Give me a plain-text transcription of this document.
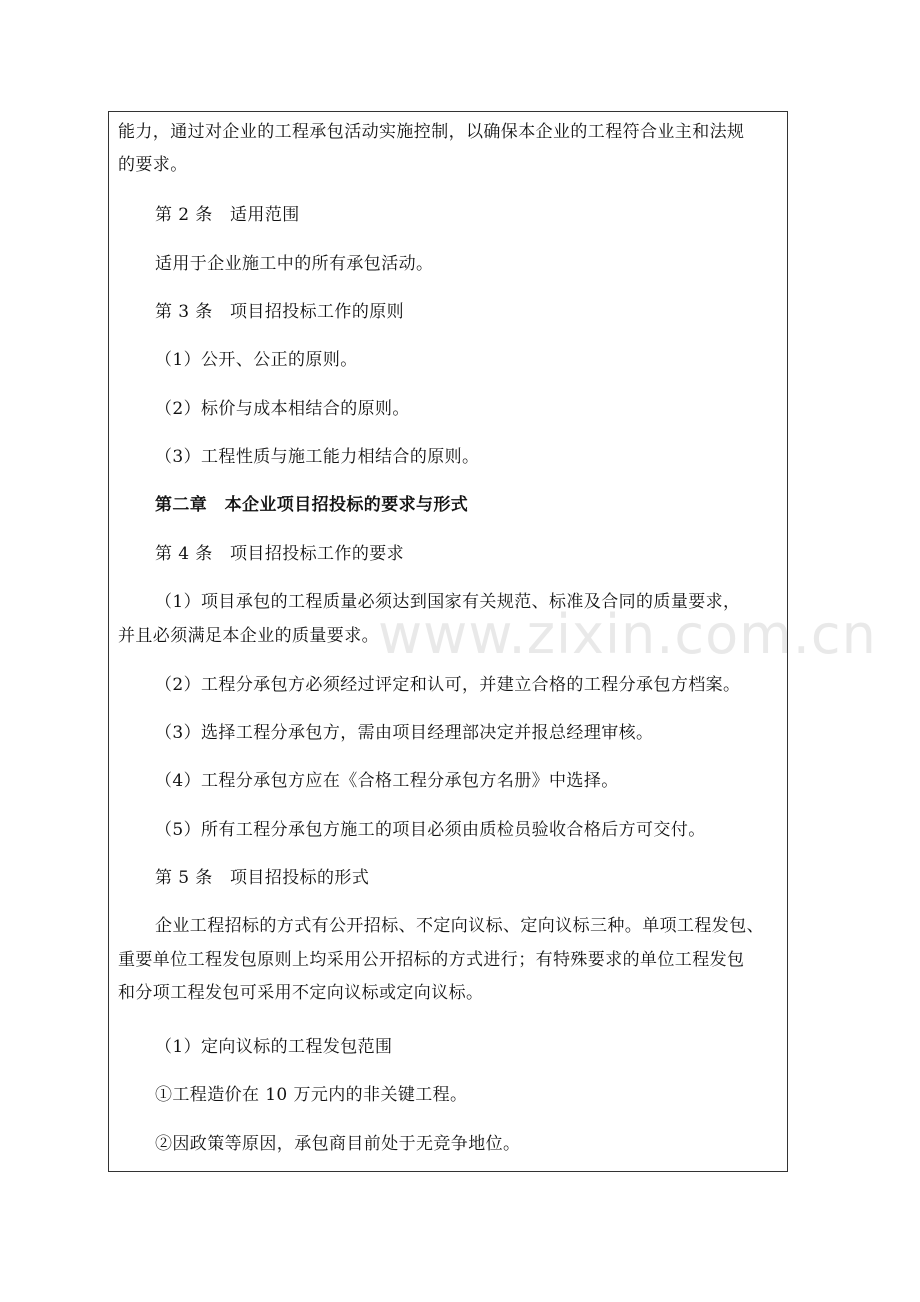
能力，通过对企业的工程承包活动实施控制，以确保本企业的工程符合业主和法规
的要求。
第 2 条　适用范围
适用于企业施工中的所有承包活动。
第 3 条　项目招投标工作的原则
（1）公开、公正的原则。
（2）标价与成本相结合的原则。
（3）工程性质与施工能力相结合的原则。
第二章　本企业项目招投标的要求与形式
第 4 条　项目招投标工作的要求
（1）项目承包的工程质量必须达到国家有关规范、标准及合同的质量要求，
并且必须满足本企业的质量要求。
（2）工程分承包方必须经过评定和认可，并建立合格的工程分承包方档案。
（3）选择工程分承包方，需由项目经理部决定并报总经理审核。
（4）工程分承包方应在《合格工程分承包方名册》中选择。
（5）所有工程分承包方施工的项目必须由质检员验收合格后方可交付。
第 5 条　项目招投标的形式
企业工程招标的方式有公开招标、不定向议标、定向议标三种。单项工程发包、
重要单位工程发包原则上均采用公开招标的方式进行；有特殊要求的单位工程发包
和分项工程发包可采用不定向议标或定向议标。
（1）定向议标的工程发包范围
①工程造价在 10 万元内的非关键工程。
②因政策等原因，承包商目前处于无竞争地位。
www.zixin.com.cn
